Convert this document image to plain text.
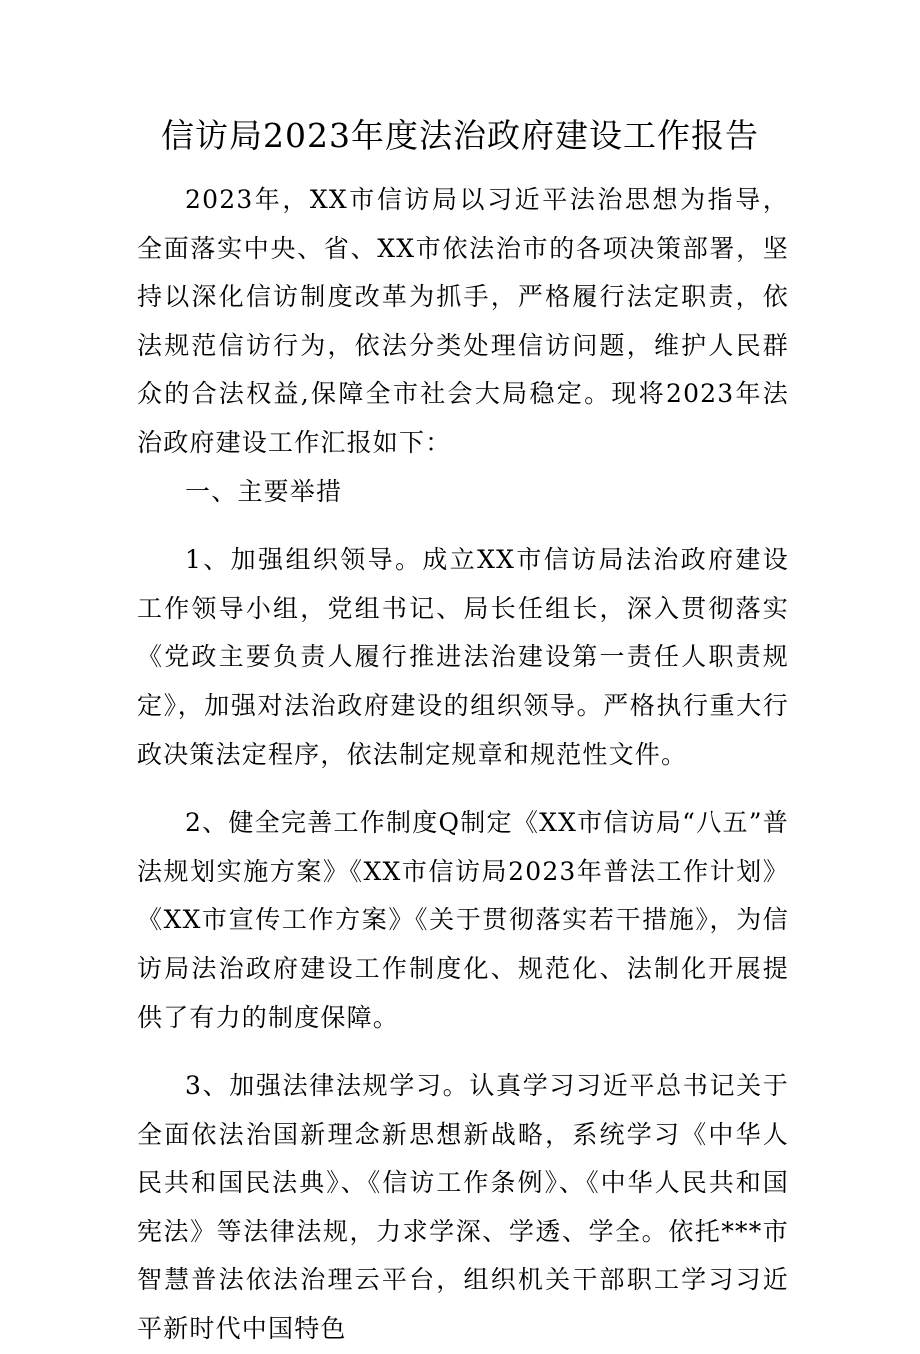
信访局2023年度法治政府建设工作报告

2023年，XX市信访局以习近平法治思想为指导，全面落实中央、省、XX市依法治市的各项决策部署，坚持以深化信访制度改革为抓手，严格履行法定职责，依法规范信访行为，依法分类处理信访问题，维护人民群众的合法权益,保障全市社会大局稳定。现将2023年法治政府建设工作汇报如下：

一、主要举措

1、加强组织领导。成立XX市信访局法治政府建设工作领导小组，党组书记、局长任组长，深入贯彻落实《党政主要负责人履行推进法治建设第一责任人职责规定》，加强对法治政府建设的组织领导。严格执行重大行政决策法定程序，依法制定规章和规范性文件。

2、健全完善工作制度Q制定《XX市信访局“八五”普法规划实施方案》《XX市信访局2023年普法工作计划》《XX市宣传工作方案》《关于贯彻落实若干措施》，为信访局法治政府建设工作制度化、规范化、法制化开展提供了有力的制度保障。

3、加强法律法规学习。认真学习习近平总书记关于全面依法治国新理念新思想新战略，系统学习《中华人民共和国民法典》、《信访工作条例》、《中华人民共和国宪法》等法律法规，力求学深、学透、学全。依托***市智慧普法依法治理云平台，组织机关干部职工学习习近平新时代中国特色
